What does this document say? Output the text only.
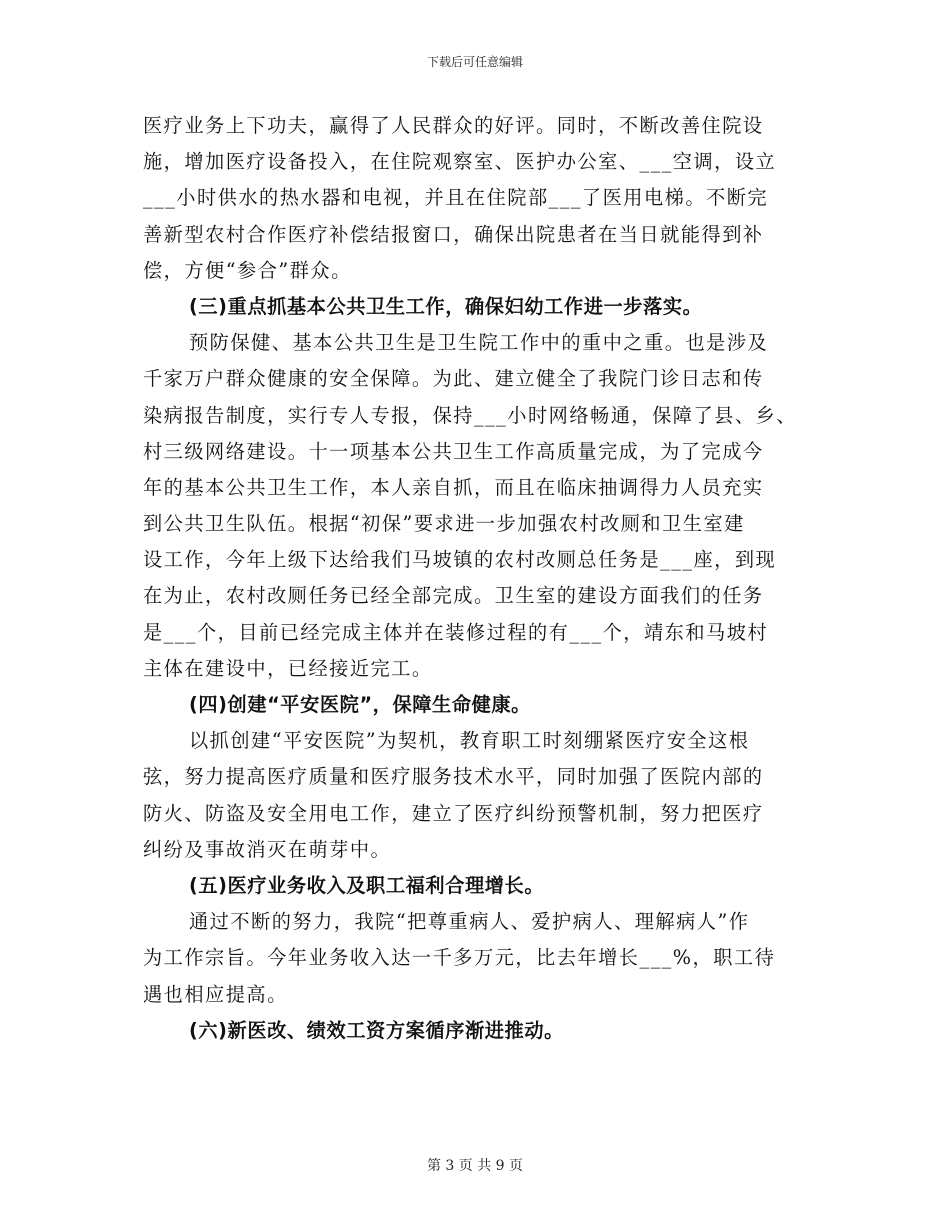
下载后可任意编辑
医疗业务上下功夫，赢得了人民群众的好评。同时，不断改善住院设
施，增加医疗设备投入，在住院观察室、医护办公室、___空调，设立
___小时供水的热水器和电视，并且在住院部___了医用电梯。不断完
善新型农村合作医疗补偿结报窗口，确保出院患者在当日就能得到补
偿，方便“参合”群众。
(三)重点抓基本公共卫生工作，确保妇幼工作进一步落实。
预防保健、基本公共卫生是卫生院工作中的重中之重。也是涉及
千家万户群众健康的安全保障。为此、建立健全了我院门诊日志和传
染病报告制度，实行专人专报，保持___小时网络畅通，保障了县、乡、
村三级网络建设。十一项基本公共卫生工作高质量完成，为了完成今
年的基本公共卫生工作，本人亲自抓，而且在临床抽调得力人员充实
到公共卫生队伍。根据“初保”要求进一步加强农村改厕和卫生室建
设工作，今年上级下达给我们马坡镇的农村改厕总任务是___座，到现
在为止，农村改厕任务已经全部完成。卫生室的建设方面我们的任务
是___个，目前已经完成主体并在装修过程的有___个，靖东和马坡村
主体在建设中，已经接近完工。
(四)创建“平安医院”，保障生命健康。
以抓创建“平安医院”为契机，教育职工时刻绷紧医疗安全这根
弦，努力提高医疗质量和医疗服务技术水平，同时加强了医院内部的
防火、防盗及安全用电工作，建立了医疗纠纷预警机制，努力把医疗
纠纷及事故消灭在萌芽中。
(五)医疗业务收入及职工福利合理增长。
通过不断的努力，我院“把尊重病人、爱护病人、理解病人”作
为工作宗旨。今年业务收入达一千多万元，比去年增长___%，职工待
遇也相应提高。
(六)新医改、绩效工资方案循序渐进推动。
第 3 页 共 9 页
